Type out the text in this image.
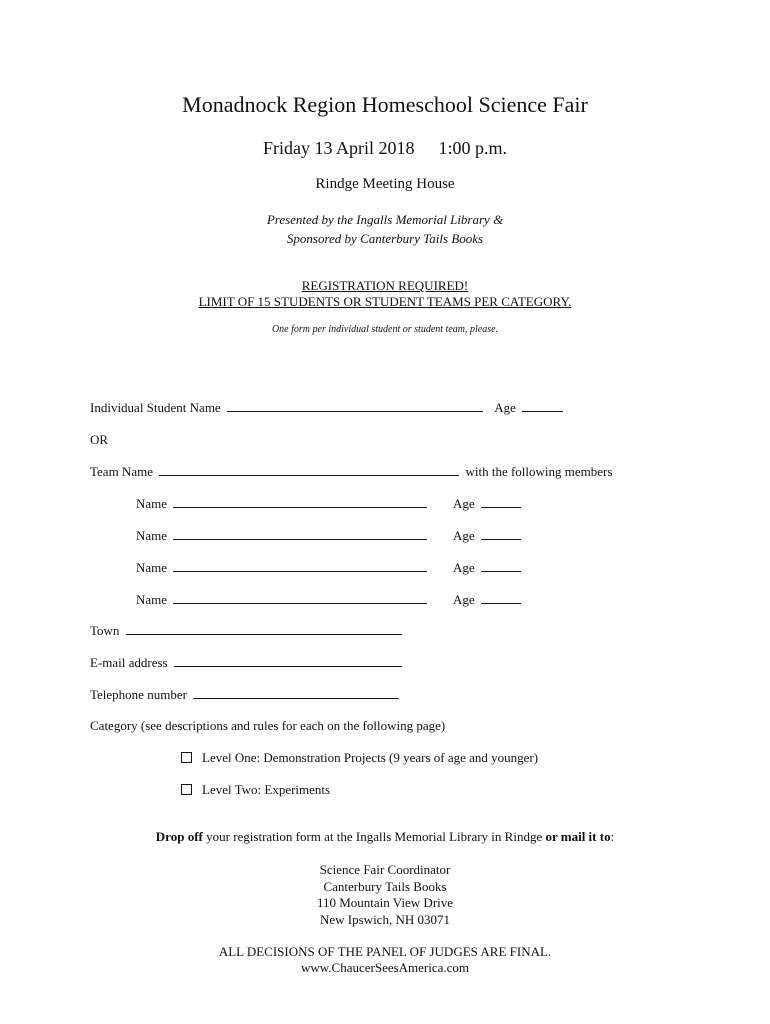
Monadnock Region Homeschool Science Fair
Friday 13 April 2018 1:00 p.m.
Rindge Meeting House
Presented by the Ingalls Memorial Library &
Sponsored by Canterbury Tails Books
REGISTRATION REQUIRED!
LIMIT OF 15 STUDENTS OR STUDENT TEAMS PER CATEGORY.
One form per individual student or student team, please.
Individual Student Name	Age
OR
Team Name	with the following members
Name	Age
Name	Age
Name	Age
Name	Age
Town
E-mail address
Telephone number
Category (see descriptions and rules for each on the following page)
Level One: Demonstration Projects (9 years of age and younger)
Level Two: Experiments
Drop off your registration form at the Ingalls Memorial Library in Rindge or mail it to:
Science Fair Coordinator
Canterbury Tails Books
110 Mountain View Drive
New Ipswich, NH 03071
ALL DECISIONS OF THE PANEL OF JUDGES ARE FINAL.
www.ChaucerSeesAmerica.com
